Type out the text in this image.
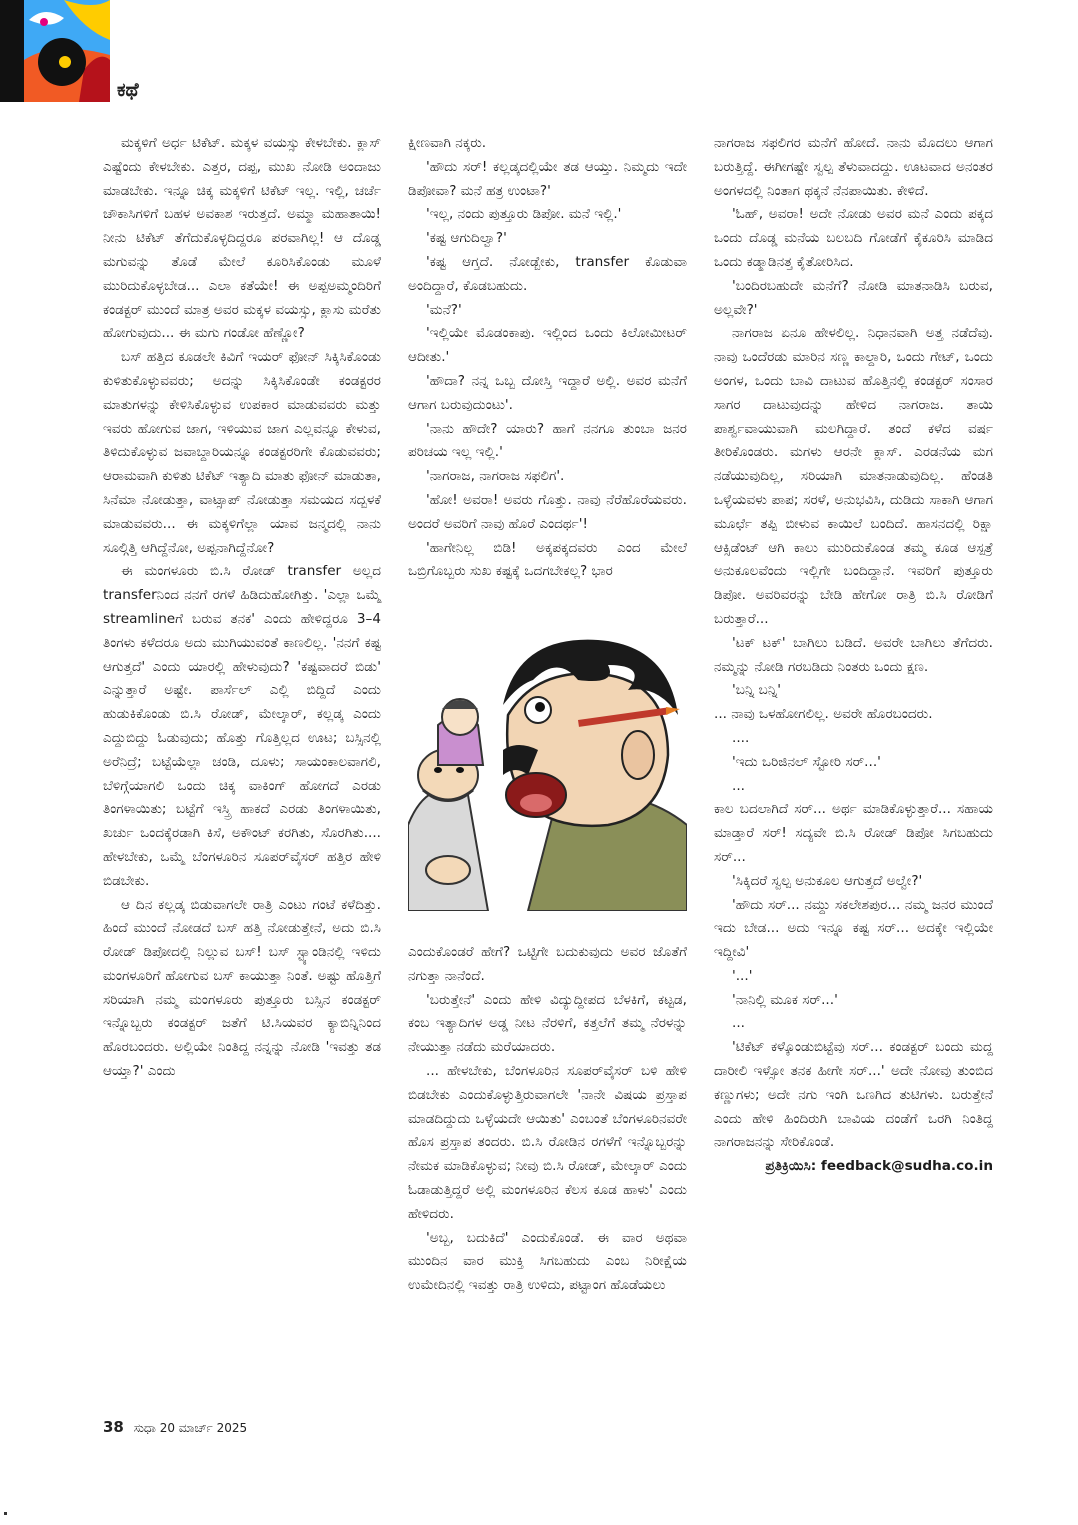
ಕಥೆ

ಮಕ್ಕಳಿಗೆ ಅರ್ಧ ಟಿಕೆಟ್. ಮಕ್ಕಳ ವಯಸ್ಸು ಕೇಳಬೇಕು. ಕ್ಲಾಸ್ ಎಷ್ಟೆಂದು ಕೇಳಬೇಕು. ಎತ್ತರ, ದಪ್ಪ, ಮುಖ ನೋಡಿ ಅಂದಾಜು ಮಾಡಬೇಕು. ಇನ್ನೂ ಚಿಕ್ಕ ಮಕ್ಕಳಿಗೆ ಟಿಕೆಟ್ ಇಲ್ಲ. ಇಲ್ಲಿ, ಚರ್ಚೆ ಚೌಕಾಸಿಗಳಿಗೆ ಬಹಳ ಅವಕಾಶ ಇರುತ್ತದೆ. ಅಮ್ಮಾ ಮಹಾತಾಯಿ! ನೀನು ಟಿಕೆಟ್ ತೆಗೆದುಕೊಳ್ಳದಿದ್ದರೂ ಪರವಾಗಿಲ್ಲ! ಆ ದೊಡ್ಡ ಮಗುವನ್ನು ತೊಡೆ ಮೇಲೆ ಕೂರಿಸಿಕೊಂಡು ಮೂಳೆ ಮುರಿದುಕೊಳ್ಳಬೇಡ... ಎಲಾ ಕತೆಯೇ! ಈ ಅಪ್ಪಅಮ್ಮಂದಿರಿಗೆ ಕಂಡಕ್ಟರ್ ಮುಂದೆ ಮಾತ್ರ ಅವರ ಮಕ್ಕಳ ವಯಸ್ಸು, ಕ್ಲಾಸು ಮರೆತು ಹೋಗುವುದು... ಈ ಮಗು ಗಂಡೋ ಹೆಣ್ಣೋ?

ಬಸ್ ಹತ್ತಿದ ಕೂಡಲೇ ಕಿವಿಗೆ ಇಯರ್ ಫೋನ್ ಸಿಕ್ಕಿಸಿಕೊಂಡು ಕುಳಿತುಕೊಳ್ಳುವವರು; ಅದನ್ನು ಸಿಕ್ಕಿಸಿಕೊಂಡೇ ಕಂಡಕ್ಟರರ ಮಾತುಗಳನ್ನು ಕೇಳಿಸಿಕೊಳ್ಳುವ ಉಪಕಾರ ಮಾಡುವವರು ಮತ್ತು ಇವರು ಹೋಗುವ ಜಾಗ, ಇಳಿಯುವ ಜಾಗ ಎಲ್ಲವನ್ನೂ ಕೇಳುವ, ತಿಳಿದುಕೊಳ್ಳುವ ಜವಾಬ್ದಾರಿಯನ್ನೂ ಕಂಡಕ್ಟರರಿಗೇ ಕೊಡುವವರು; ಆರಾಮವಾಗಿ ಕುಳಿತು ಟಿಕೆಟ್ ಇತ್ಯಾದಿ ಮಾತು ಫೋನ್ ಮಾಡುತಾ, ಸಿನೆಮಾ ನೋಡುತ್ತಾ, ವಾಟ್ಸಾಪ್ ನೋಡುತ್ತಾ ಸಮಯದ ಸದ್ಬಳಕೆ ಮಾಡುವವರು... ಈ ಮಕ್ಕಳಿಗೆಲ್ಲಾ ಯಾವ ಜನ್ಮದಲ್ಲಿ ನಾನು ಸೂಲ್ಗಿತ್ತಿ ಆಗಿದ್ದೆನೋ, ಅಪ್ಪನಾಗಿದ್ದೆನೋ?

ಈ ಮಂಗಳೂರು ಬಿ.ಸಿ ರೋಡ್ transfer ಅಲ್ಲದ transferನಿಂದ ನನಗೆ ರಗಳೆ ಹಿಡಿದುಹೋಗಿತ್ತು. 'ಎಲ್ಲಾ ಒಮ್ಮೆ streamlineಗೆ ಬರುವ ತನಕ' ಎಂದು ಹೇಳಿದ್ದರೂ 3–4 ತಿಂಗಳು ಕಳೆದರೂ ಅದು ಮುಗಿಯುವಂತೆ ಕಾಣಲಿಲ್ಲ. 'ನನಗೆ ಕಷ್ಟ ಆಗುತ್ತದೆ' ಎಂದು ಯಾರಲ್ಲಿ ಹೇಳುವುದು? 'ಕಷ್ಟವಾದರೆ ಬಿಡು' ಎನ್ನುತ್ತಾರೆ ಅಷ್ಟೇ. ಪಾರ್ಸೆಲ್ ಎಲ್ಲಿ ಬಿದ್ದಿದೆ ಎಂದು ಹುಡುಕಿಕೊಂಡು ಬಿ.ಸಿ ರೋಡ್, ಮೇಲ್ಕಾರ್, ಕಲ್ಲಡ್ಕ ಎಂದು ಎದ್ದುಬಿದ್ದು ಓಡುವುದು; ಹೊತ್ತು ಗೊತ್ತಿಲ್ಲದ ಊಟ; ಬಸ್ಸಿನಲ್ಲಿ ಅರೆನಿದ್ರೆ; ಬಟ್ಟೆಯೆಲ್ಲಾ ಚಂಡಿ, ದೂಳು; ಸಾಯಂಕಾಲವಾಗಲಿ, ಬೆಳಿಗ್ಗೆಯಾಗಲಿ ಒಂದು ಚಿಕ್ಕ ವಾಕಿಂಗ್ ಹೋಗದೆ ಎರಡು ತಿಂಗಳಾಯಿತು; ಬಟ್ಟೆಗೆ ಇಸ್ತ್ರಿ ಹಾಕದೆ ಎರಡು ತಿಂಗಳಾಯಿತು, ಖರ್ಚು ಒಂದಕ್ಕೆರಡಾಗಿ ಕಿಸೆ, ಅಕೌಂಟ್ ಕರಗಿತು, ಸೊರಗಿತು.... ಹೇಳಬೇಕು, ಒಮ್ಮೆ ಬೆಂಗಳೂರಿನ ಸೂಪರ್‌ವೈಸರ್ ಹತ್ತಿರ ಹೇಳಿ ಬಿಡಬೇಕು.

ಆ ದಿನ ಕಲ್ಲಡ್ಕ ಬಿಡುವಾಗಲೇ ರಾತ್ರಿ ಎಂಟು ಗಂಟೆ ಕಳೆದಿತ್ತು. ಹಿಂದೆ ಮುಂದೆ ನೋಡದೆ ಬಸ್ ಹತ್ತಿ ನೋಡುತ್ತೇನೆ, ಅದು ಬಿ.ಸಿ ರೋಡ್ ಡಿಪೋದಲ್ಲಿ ನಿಲ್ಲುವ ಬಸ್! ಬಸ್ ಸ್ಟ್ಯಾಂಡಿನಲ್ಲಿ ಇಳಿದು ಮಂಗಳೂರಿಗೆ ಹೋಗುವ ಬಸ್ ಕಾಯುತ್ತಾ ನಿಂತೆ. ಅಷ್ಟು ಹೊತ್ತಿಗೆ ಸರಿಯಾಗಿ ನಮ್ಮ ಮಂಗಳೂರು ಪುತ್ತೂರು ಬಸ್ಸಿನ ಕಂಡಕ್ಟರ್ ಇನ್ನೊಬ್ಬರು ಕಂಡಕ್ಟರ್ ಜತೆಗೆ ಟಿ.ಸಿಯವರ ಕ್ಯಾಬಿನ್ನಿನಿಂದ ಹೊರಬಂದರು. ಅಲ್ಲಿಯೇ ನಿಂತಿದ್ದ ನನ್ನನ್ನು ನೋಡಿ 'ಇವತ್ತು ತಡ ಆಯ್ತಾ?' ಎಂದು

ಕ್ಷೀಣವಾಗಿ ನಕ್ಕರು.

'ಹೌದು ಸರ್! ಕಲ್ಲಡ್ಕದಲ್ಲಿಯೇ ತಡ ಆಯ್ತು. ನಿಮ್ಮದು ಇದೇ ಡಿಪೋವಾ? ಮನೆ ಹತ್ರ ಉಂಟಾ?'

'ಇಲ್ಲ, ನಂದು ಪುತ್ತೂರು ಡಿಪೋ. ಮನೆ ಇಲ್ಲಿ.'

'ಕಷ್ಟ ಆಗುದಿಲ್ವಾ?'

'ಕಷ್ಟ ಆಗ್ತದೆ. ನೋಡ್ಬೇಕು, transfer ಕೊಡುವಾ ಅಂದಿದ್ದಾರೆ, ಕೊಡಬಹುದು.

'ಮನೆ?'

'ಇಲ್ಲಿಯೇ ಮೊಡಂಕಾಪು. ಇಲ್ಲಿಂದ ಒಂದು ಕಿಲೋಮೀಟರ್ ಆದೀತು.'

'ಹೌದಾ? ನನ್ನ ಒಬ್ಬ ದೋಸ್ತಿ ಇದ್ದಾರೆ ಅಲ್ಲಿ. ಅವರ ಮನೆಗೆ ಆಗಾಗ ಬರುವುದುಂಟು'.

'ನಾನು ಹೌದೇ? ಯಾರು? ಹಾಗೆ ನನಗೂ ತುಂಬಾ ಜನರ ಪರಿಚಯ ಇಲ್ಲ ಇಲ್ಲಿ.'

'ನಾಗರಾಜ, ನಾಗರಾಜ ಸಫಲಿಗ'.

'ಹೋ! ಅವರಾ! ಅವರು ಗೊತ್ತು. ನಾವು ನೆರೆಹೊರೆಯವರು. ಅಂದರೆ ಅವರಿಗೆ ನಾವು ಹೊರೆ ಎಂದರ್ಥ'!

'ಹಾಗೇನಿಲ್ಲ ಬಿಡಿ! ಅಕ್ಕಪಕ್ಕದವರು ಎಂದ ಮೇಲೆ ಒಬ್ರಿಗೊಬ್ಬರು ಸುಖ ಕಷ್ಟಕ್ಕೆ ಒದಗಬೇಕಲ್ಲ? ಭಾರ

ಎಂದುಕೊಂಡರೆ ಹೇಗೆ? ಒಟ್ಟಿಗೇ ಬದುಕುವುದು ಅವರ ಜೊತೆಗೆ ನಗುತ್ತಾ ನಾನೆಂದೆ.

'ಬರುತ್ತೇನೆ' ಎಂದು ಹೇಳಿ ವಿದ್ಯುದ್ದೀಪದ ಬೆಳಕಿಗೆ, ಕಟ್ಟಡ, ಕಂಬ ಇತ್ಯಾದಿಗಳ ಅಡ್ಡ ನೀಟ ನೆರಳಿಗೆ, ಕತ್ತಲೆಗೆ ತಮ್ಮ ನೆರಳನ್ನು ನೇಯುತ್ತಾ ನಡೆದು ಮರೆಯಾದರು.

... ಹೇಳಬೇಕು, ಬೆಂಗಳೂರಿನ ಸೂಪರ್‌ವೈಸರ್ ಬಳಿ ಹೇಳಿ ಬಿಡಬೇಕು ಎಂದುಕೊಳ್ಳುತ್ತಿರುವಾಗಲೇ 'ನಾನೇ ವಿಷಯ ಪ್ರಸ್ತಾಪ ಮಾಡದಿದ್ದುದು ಒಳ್ಳೆಯದೇ ಆಯಿತು' ಎಂಬಂತೆ ಬೆಂಗಳೂರಿನವರೇ ಹೊಸ ಪ್ರಸ್ತಾಪ ತಂದರು. ಬಿ.ಸಿ ರೋಡಿನ ರಗಳೆಗೆ ಇನ್ನೊಬ್ಬರನ್ನು ನೇಮಕ ಮಾಡಿಕೊಳ್ಳುವ; ನೀವು ಬಿ.ಸಿ ರೋಡ್, ಮೇಲ್ಕಾರ್ ಎಂದು ಓಡಾಡುತ್ತಿದ್ದರೆ ಅಲ್ಲಿ ಮಂಗಳೂರಿನ ಕೆಲಸ ಕೂಡ ಹಾಳು' ಎಂದು ಹೇಳಿದರು.

'ಅಬ್ಬ, ಬದುಕಿದೆ' ಎಂದುಕೊಂಡೆ. ಈ ವಾರ ಅಥವಾ ಮುಂದಿನ ವಾರ ಮುಕ್ತಿ ಸಿಗಬಹುದು ಎಂಬ ನಿರೀಕ್ಷೆಯ ಉಮೇದಿನಲ್ಲಿ ಇವತ್ತು ರಾತ್ರಿ ಉಳಿದು, ಪಟ್ಟಾಂಗ ಹೊಡೆಯಲು

ನಾಗರಾಜ ಸಫಲಿಗರ ಮನೆಗೆ ಹೋದೆ. ನಾನು ಮೊದಲು ಆಗಾಗ ಬರುತ್ತಿದ್ದೆ. ಈಗೀಗಷ್ಟೇ ಸ್ವಲ್ಪ ತೆಳುವಾದದ್ದು. ಊಟವಾದ ಅನಂತರ ಅಂಗಳದಲ್ಲಿ ನಿಂತಾಗ ಥಕ್ಕನೆ ನೆನಪಾಯಿತು. ಕೇಳಿದೆ.

'ಓಹ್, ಅವರಾ! ಅದೇ ನೋಡು ಅವರ ಮನೆ ಎಂದು ಪಕ್ಕದ ಒಂದು ದೊಡ್ಡ ಮನೆಯ ಬಲಬದಿ ಗೋಡೆಗೆ ಕೈಕೂರಿಸಿ ಮಾಡಿದ ಒಂದು ಕಡ್ಮಾಡಿನತ್ತ ಕೈತೋರಿಸಿದ.

'ಬಂದಿರಬಹುದೇ ಮನೆಗೆ? ನೋಡಿ ಮಾತನಾಡಿಸಿ ಬರುವ, ಅಲ್ಲವೇ?'

ನಾಗರಾಜ ಏನೂ ಹೇಳಲಿಲ್ಲ. ನಿಧಾನವಾಗಿ ಅತ್ತ ನಡೆದೆವು. ನಾವು ಒಂದೆರಡು ಮಾರಿನ ಸಣ್ಣ ಕಾಲ್ದಾರಿ, ಒಂದು ಗೇಟ್, ಒಂದು ಅಂಗಳ, ಒಂದು ಬಾವಿ ದಾಟುವ ಹೊತ್ತಿನಲ್ಲಿ ಕಂಡಕ್ಟರ್ ಸಂಸಾರ ಸಾಗರ ದಾಟುವುದನ್ನು ಹೇಳಿದ ನಾಗರಾಜ. ತಾಯಿ ಪಾರ್ಶ್ವವಾಯುವಾಗಿ ಮಲಗಿದ್ದಾರೆ. ತಂದೆ ಕಳೆದ ವರ್ಷ ತೀರಿಕೊಂಡರು. ಮಗಳು ಆರನೇ ಕ್ಲಾಸ್. ಎರಡನೆಯ ಮಗ ನಡೆಯುವುದಿಲ್ಲ, ಸರಿಯಾಗಿ ಮಾತನಾಡುವುದಿಲ್ಲ. ಹೆಂಡತಿ ಒಳ್ಳೆಯವಳು ಪಾಪ; ಸರಳೆ, ಅನುಭವಿಸಿ, ದುಡಿದು ಸಾಕಾಗಿ ಆಗಾಗ ಮೂರ್ಛೆ ತಪ್ಪಿ ಬೀಳುವ ಕಾಯಿಲೆ ಬಂದಿದೆ. ಹಾಸನದಲ್ಲಿ ರಿಕ್ಷಾ ಆಕ್ಸಿಡೆಂಟ್ ಆಗಿ ಕಾಲು ಮುರಿದುಕೊಂಡ ತಮ್ಮ ಕೂಡ ಆಸ್ಪತ್ರೆ ಅನುಕೂಲವೆಂದು ಇಲ್ಲಿಗೇ ಬಂದಿದ್ದಾನೆ. ಇವರಿಗೆ ಪುತ್ತೂರು ಡಿಪೋ. ಅವರಿವರನ್ನು ಬೇಡಿ ಹೇಗೋ ರಾತ್ರಿ ಬಿ.ಸಿ ರೋಡಿಗೆ ಬರುತ್ತಾರೆ...

'ಟಕ್ ಟಕ್' ಬಾಗಿಲು ಬಡಿದೆ. ಅವರೇ ಬಾಗಿಲು ತೆಗೆದರು. ನಮ್ಮನ್ನು ನೋಡಿ ಗರಬಡಿದು ನಿಂತರು ಒಂದು ಕ್ಷಣ.

'ಬನ್ನಿ ಬನ್ನಿ'

... ನಾವು ಒಳಹೋಗಲಿಲ್ಲ. ಅವರೇ ಹೊರಬಂದರು.

....

'ಇದು ಒರಿಜಿನಲ್ ಸ್ಟೋರಿ ಸರ್...'

...

ಕಾಲ ಬದಲಾಗಿದೆ ಸರ್... ಅರ್ಥ ಮಾಡಿಕೊಳ್ಳುತ್ತಾರೆ... ಸಹಾಯ ಮಾಡ್ತಾರೆ ಸರ್! ಸದ್ಯವೇ ಬಿ.ಸಿ ರೋಡ್ ಡಿಪೋ ಸಿಗಬಹುದು ಸರ್...

'ಸಿಕ್ಕಿದರೆ ಸ್ವಲ್ಪ ಅನುಕೂಲ ಆಗುತ್ತದೆ ಅಲ್ವೇ?'

'ಹೌದು ಸರ್... ನಮ್ದು ಸಕಲೇಶಪುರ... ನಮ್ಮ ಜನರ ಮುಂದೆ ಇದು ಬೇಡ... ಅದು ಇನ್ನೂ ಕಷ್ಟ ಸರ್... ಅದಕ್ಕೇ ಇಲ್ಲಿಯೇ ಇದ್ದೀವಿ'

'...'

'ನಾನಿಲ್ಲಿ ಮೂಕ ಸರ್...'

...

'ಟಿಕೆಟ್ ಕಳ್ಕೊಂಡುಬಿಟ್ಟೆವು ಸರ್... ಕಂಡಕ್ಟರ್ ಬಂದು ಮದ್ದ ದಾರೀಲಿ ಇಳ್ಸೋ ತನಕ ಹೀಗೇ ಸರ್...' ಅದೇ ನೋವು ತುಂಬಿದ ಕಣ್ಣುಗಳು; ಅದೇ ನಗು ಇಂಗಿ ಒಣಗಿದ ತುಟಿಗಳು. ಬರುತ್ತೇನೆ ಎಂದು ಹೇಳಿ ಹಿಂದಿರುಗಿ ಬಾವಿಯ ದಂಡೆಗೆ ಒರಗಿ ನಿಂತಿದ್ದ ನಾಗರಾಜನನ್ನು ಸೇರಿಕೊಂಡೆ.

ಪ್ರತಿಕ್ರಿಯಿಸಿ: feedback@sudha.co.in

38 ಸುಧಾ 20 ಮಾರ್ಚ್ 2025
